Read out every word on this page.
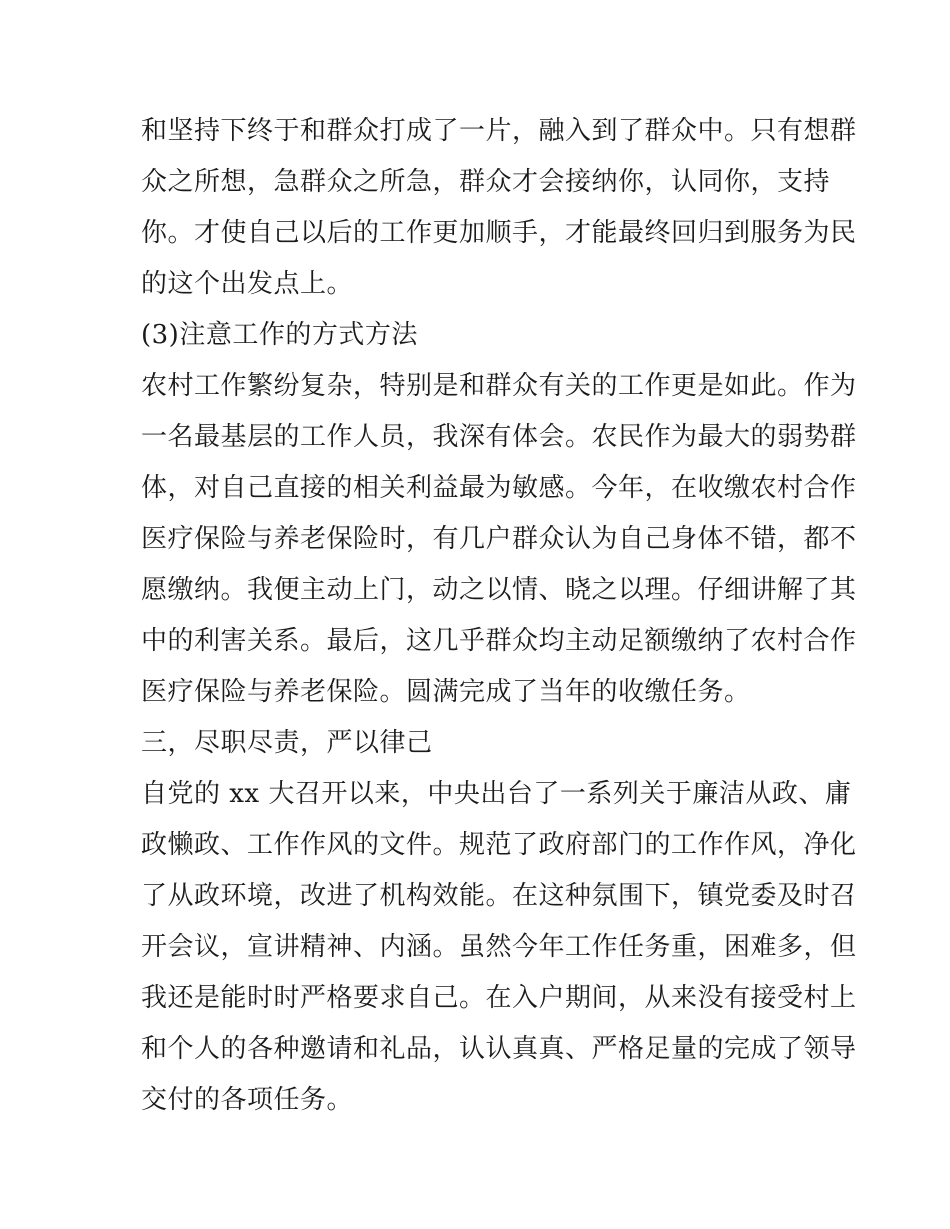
和坚持下终于和群众打成了一片，融入到了群众中。只有想群
众之所想，急群众之所急，群众才会接纳你，认同你，支持
你。才使自己以后的工作更加顺手，才能最终回归到服务为民
的这个出发点上。
(3)注意工作的方式方法
农村工作繁纷复杂，特别是和群众有关的工作更是如此。作为
一名最基层的工作人员，我深有体会。农民作为最大的弱势群
体，对自己直接的相关利益最为敏感。今年，在收缴农村合作
医疗保险与养老保险时，有几户群众认为自己身体不错，都不
愿缴纳。我便主动上门，动之以情、晓之以理。仔细讲解了其
中的利害关系。最后，这几乎群众均主动足额缴纳了农村合作
医疗保险与养老保险。圆满完成了当年的收缴任务。
三，尽职尽责，严以律己
自党的 xx 大召开以来，中央出台了一系列关于廉洁从政、庸
政懒政、工作作风的文件。规范了政府部门的工作作风，净化
了从政环境，改进了机构效能。在这种氛围下，镇党委及时召
开会议，宣讲精神、内涵。虽然今年工作任务重，困难多，但
我还是能时时严格要求自己。在入户期间，从来没有接受村上
和个人的各种邀请和礼品，认认真真、严格足量的完成了领导
交付的各项任务。
